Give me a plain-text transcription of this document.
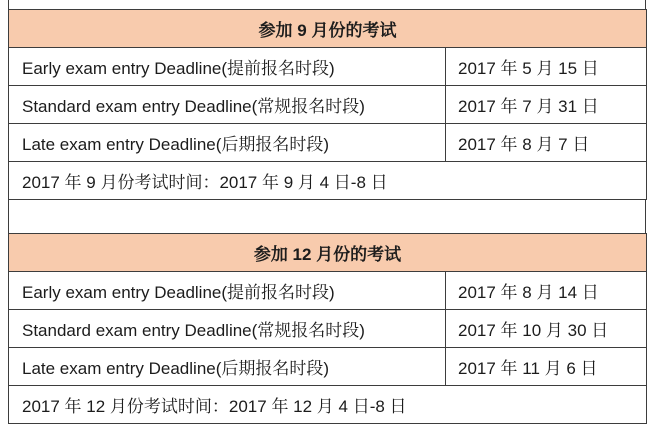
参加 9 月份的考试	
Early exam entry Deadline(提前报名时段)	2017 年 5 月 15 日
Standard exam entry Deadline(常规报名时段)	2017 年 7 月 31 日
Late exam entry Deadline(后期报名时段)	2017 年 8 月 7 日
2017 年 9 月份考试时间：2017 年 9 月 4 日-8 日	
参加 12 月份的考试	
Early exam entry Deadline(提前报名时段)	2017 年 8 月 14 日
Standard exam entry Deadline(常规报名时段)	2017 年 10 月 30 日
Late exam entry Deadline(后期报名时段)	2017 年 11 月 6 日
2017 年 12 月份考试时间：2017 年 12 月 4 日-8 日	
